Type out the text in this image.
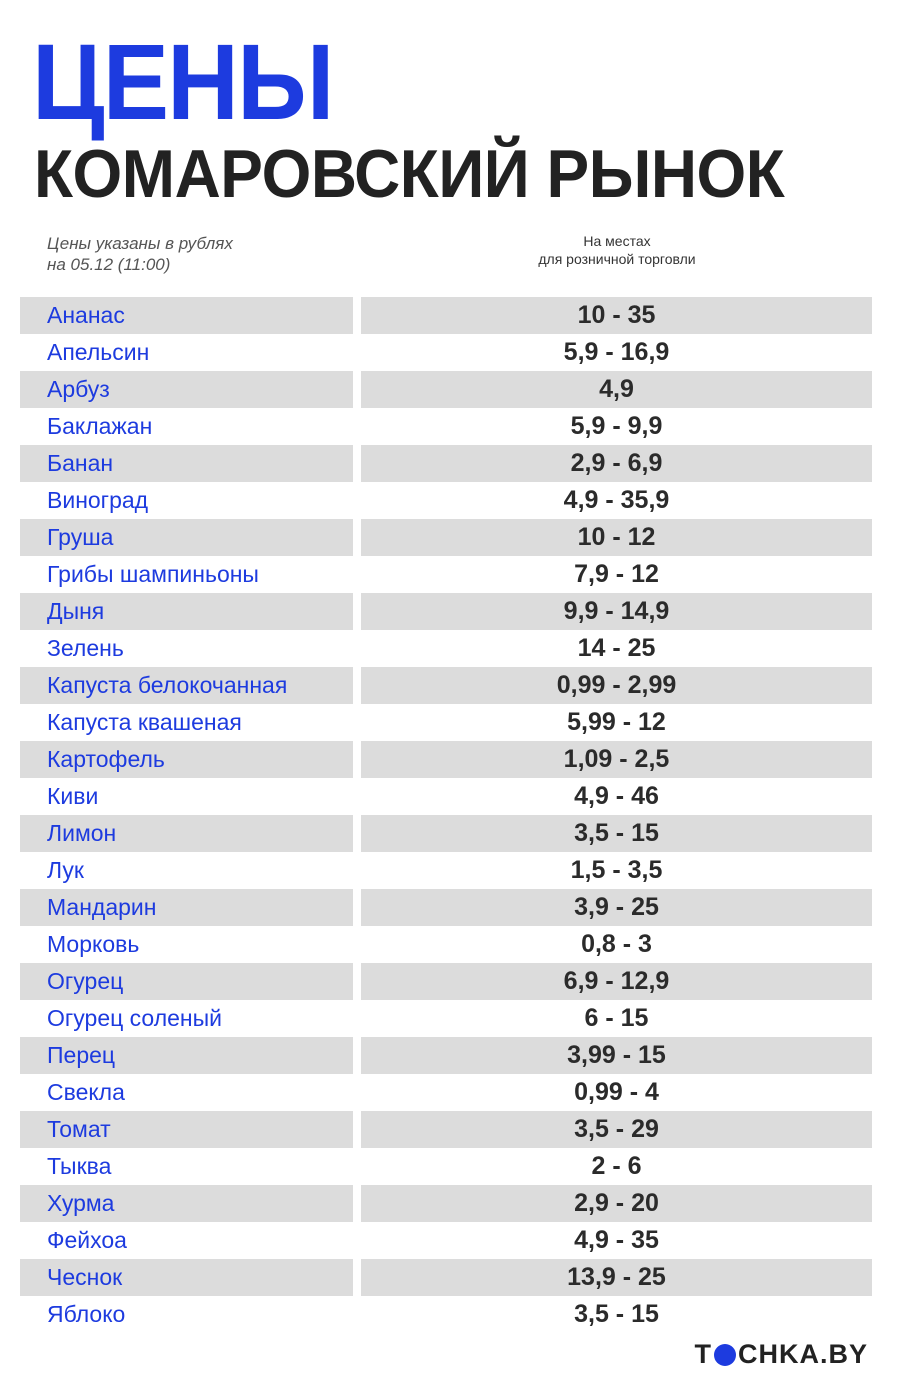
ЦЕНЫ
КОМАРОВСКИЙ РЫНОК
Цены указаны в рублях
на 05.12 (11:00)
На местах
для розничной торговли
Ананас	10 - 35
Апельсин	5,9 - 16,9
Арбуз	4,9
Баклажан	5,9 - 9,9
Банан	2,9 - 6,9
Виноград	4,9 - 35,9
Груша	10 - 12
Грибы шампиньоны	7,9 - 12
Дыня	9,9 - 14,9
Зелень	14 - 25
Капуста белокочанная	0,99 - 2,99
Капуста квашеная	5,99 - 12
Картофель	1,09 - 2,5
Киви	4,9 - 46
Лимон	3,5 - 15
Лук	1,5 - 3,5
Мандарин	3,9 - 25
Морковь	0,8 - 3
Огурец	6,9 - 12,9
Огурец соленый	6 - 15
Перец	3,99 - 15
Свекла	0,99 - 4
Томат	3,5 - 29
Тыква	2 - 6
Хурма	2,9 - 20
Фейхоа	4,9 - 35
Чеснок	13,9 - 25
Яблоко	3,5 - 15
T CHKA.BY
